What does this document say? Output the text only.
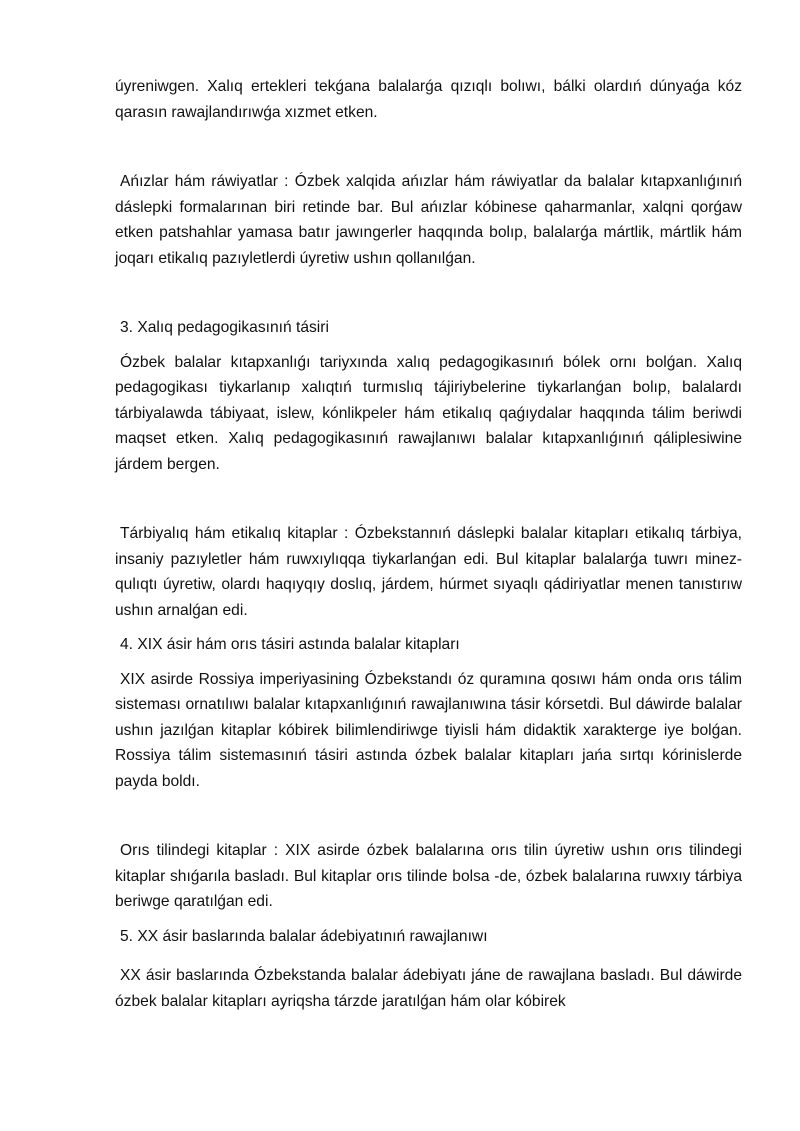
úyreniwgen. Xalıq ertekleri tekǵana balalarǵa qızıqlı bolıwı, bálki olardıń dúnyaǵa kóz qarasın rawajlandırıwǵa xızmet etken.

Ańızlar hám ráwiyatlar : Ózbek xalqida ańızlar hám ráwiyatlar da balalar kıtapxanlıǵınıń dáslepki formalarınan biri retinde bar. Bul ańızlar kóbinese qaharmanlar, xalqni qorǵaw etken patshahlar yamasa batır jawıngerler haqqında bolıp, balalarǵa mártlik, mártlik hám joqarı etikalıq pazıyletlerdi úyretiw ushın qollanılǵan.

3. Xalıq pedagogikasınıń tásiri

Ózbek balalar kıtapxanlıǵı tariyxında xalıq pedagogikasınıń bólek ornı bolǵan. Xalıq pedagogikası tiykarlanıp xalıqtıń turmıslıq tájiriybelerine tiykarlanǵan bolıp, balalardı tárbiyalawda tábiyaat, islew, kónlikpeler hám etikalıq qaǵıydalar haqqında tálim beriwdi maqset etken. Xalıq pedagogikasınıń rawajlanıwı balalar kıtapxanlıǵınıń qáliplesiwine járdem bergen.

Tárbiyalıq hám etikalıq kitaplar : Ózbekstannıń dáslepki balalar kitapları etikalıq tárbiya, insaniy pazıyletler hám ruwxıylıqqa tiykarlanǵan edi. Bul kitaplar balalarǵa tuwrı minez-qulıqtı úyretiw, olardı haqıyqıy doslıq, járdem, húrmet sıyaqlı qádiriyatlar menen tanıstırıw ushın arnalǵan edi.

4. XIX ásir hám orıs tásiri astında balalar kitapları

XIX asirde Rossiya imperiyasining Ózbekstandı óz quramına qosıwı hám onda orıs tálim sisteması ornatılıwı balalar kıtapxanlıǵınıń rawajlanıwına tásir kórsetdi. Bul dáwirde balalar ushın jazılǵan kitaplar kóbirek bilimlendiriwge tiyisli hám didaktik xarakterge iye bolǵan. Rossiya tálim sistemasınıń tásiri astında ózbek balalar kitapları jańa sırtqı kórinislerde payda boldı.

Orıs tilindegi kitaplar : XIX asirde ózbek balalarına orıs tilin úyretiw ushın orıs tilindegi kitaplar shıǵarıla basladı. Bul kitaplar orıs tilinde bolsa -de, ózbek balalarına ruwxıy tárbiya beriwge qaratılǵan edi.

5. XX ásir baslarında balalar ádebiyatınıń rawajlanıwı

XX ásir baslarında Ózbekstanda balalar ádebiyatı jáne de rawajlana basladı. Bul dáwirde ózbek balalar kitapları ayriqsha tárzde jaratılǵan hám olar kóbirek
